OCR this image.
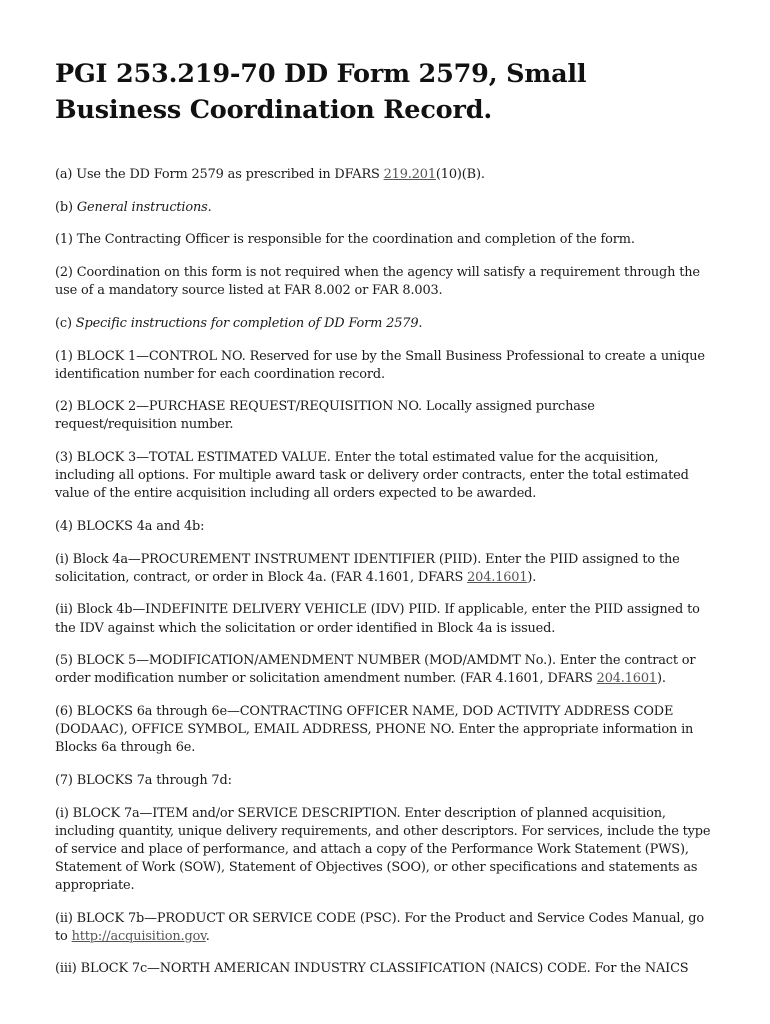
PGI 253.219-70 DD Form 2579, Small Business Coordination Record.

(a) Use the DD Form 2579 as prescribed in DFARS 219.201(10)(B).

(b) General instructions.

(1) The Contracting Officer is responsible for the coordination and completion of the form.

(2) Coordination on this form is not required when the agency will satisfy a requirement through the use of a mandatory source listed at FAR 8.002 or FAR 8.003.

(c) Specific instructions for completion of DD Form 2579.

(1) BLOCK 1—CONTROL NO. Reserved for use by the Small Business Professional to create a unique identification number for each coordination record.

(2) BLOCK 2—PURCHASE REQUEST/REQUISITION NO. Locally assigned purchase request/requisition number.

(3) BLOCK 3—TOTAL ESTIMATED VALUE. Enter the total estimated value for the acquisition, including all options. For multiple award task or delivery order contracts, enter the total estimated value of the entire acquisition including all orders expected to be awarded.

(4) BLOCKS 4a and 4b:

(i) Block 4a—PROCUREMENT INSTRUMENT IDENTIFIER (PIID). Enter the PIID assigned to the solicitation, contract, or order in Block 4a. (FAR 4.1601, DFARS 204.1601).

(ii) Block 4b—INDEFINITE DELIVERY VEHICLE (IDV) PIID. If applicable, enter the PIID assigned to the IDV against which the solicitation or order identified in Block 4a is issued.

(5) BLOCK 5—MODIFICATION/AMENDMENT NUMBER (MOD/AMDMT No.). Enter the contract or order modification number or solicitation amendment number. (FAR 4.1601, DFARS 204.1601).

(6) BLOCKS 6a through 6e—CONTRACTING OFFICER NAME, DOD ACTIVITY ADDRESS CODE (DODAAC), OFFICE SYMBOL, EMAIL ADDRESS, PHONE NO. Enter the appropriate information in Blocks 6a through 6e.

(7) BLOCKS 7a through 7d:

(i) BLOCK 7a—ITEM and/or SERVICE DESCRIPTION. Enter description of planned acquisition, including quantity, unique delivery requirements, and other descriptors. For services, include the type of service and place of performance, and attach a copy of the Performance Work Statement (PWS), Statement of Work (SOW), Statement of Objectives (SOO), or other specifications and statements as appropriate.

(ii) BLOCK 7b—PRODUCT OR SERVICE CODE (PSC). For the Product and Service Codes Manual, go to http://acquisition.gov.

(iii) BLOCK 7c—NORTH AMERICAN INDUSTRY CLASSIFICATION (NAICS) CODE. For the NAICS
